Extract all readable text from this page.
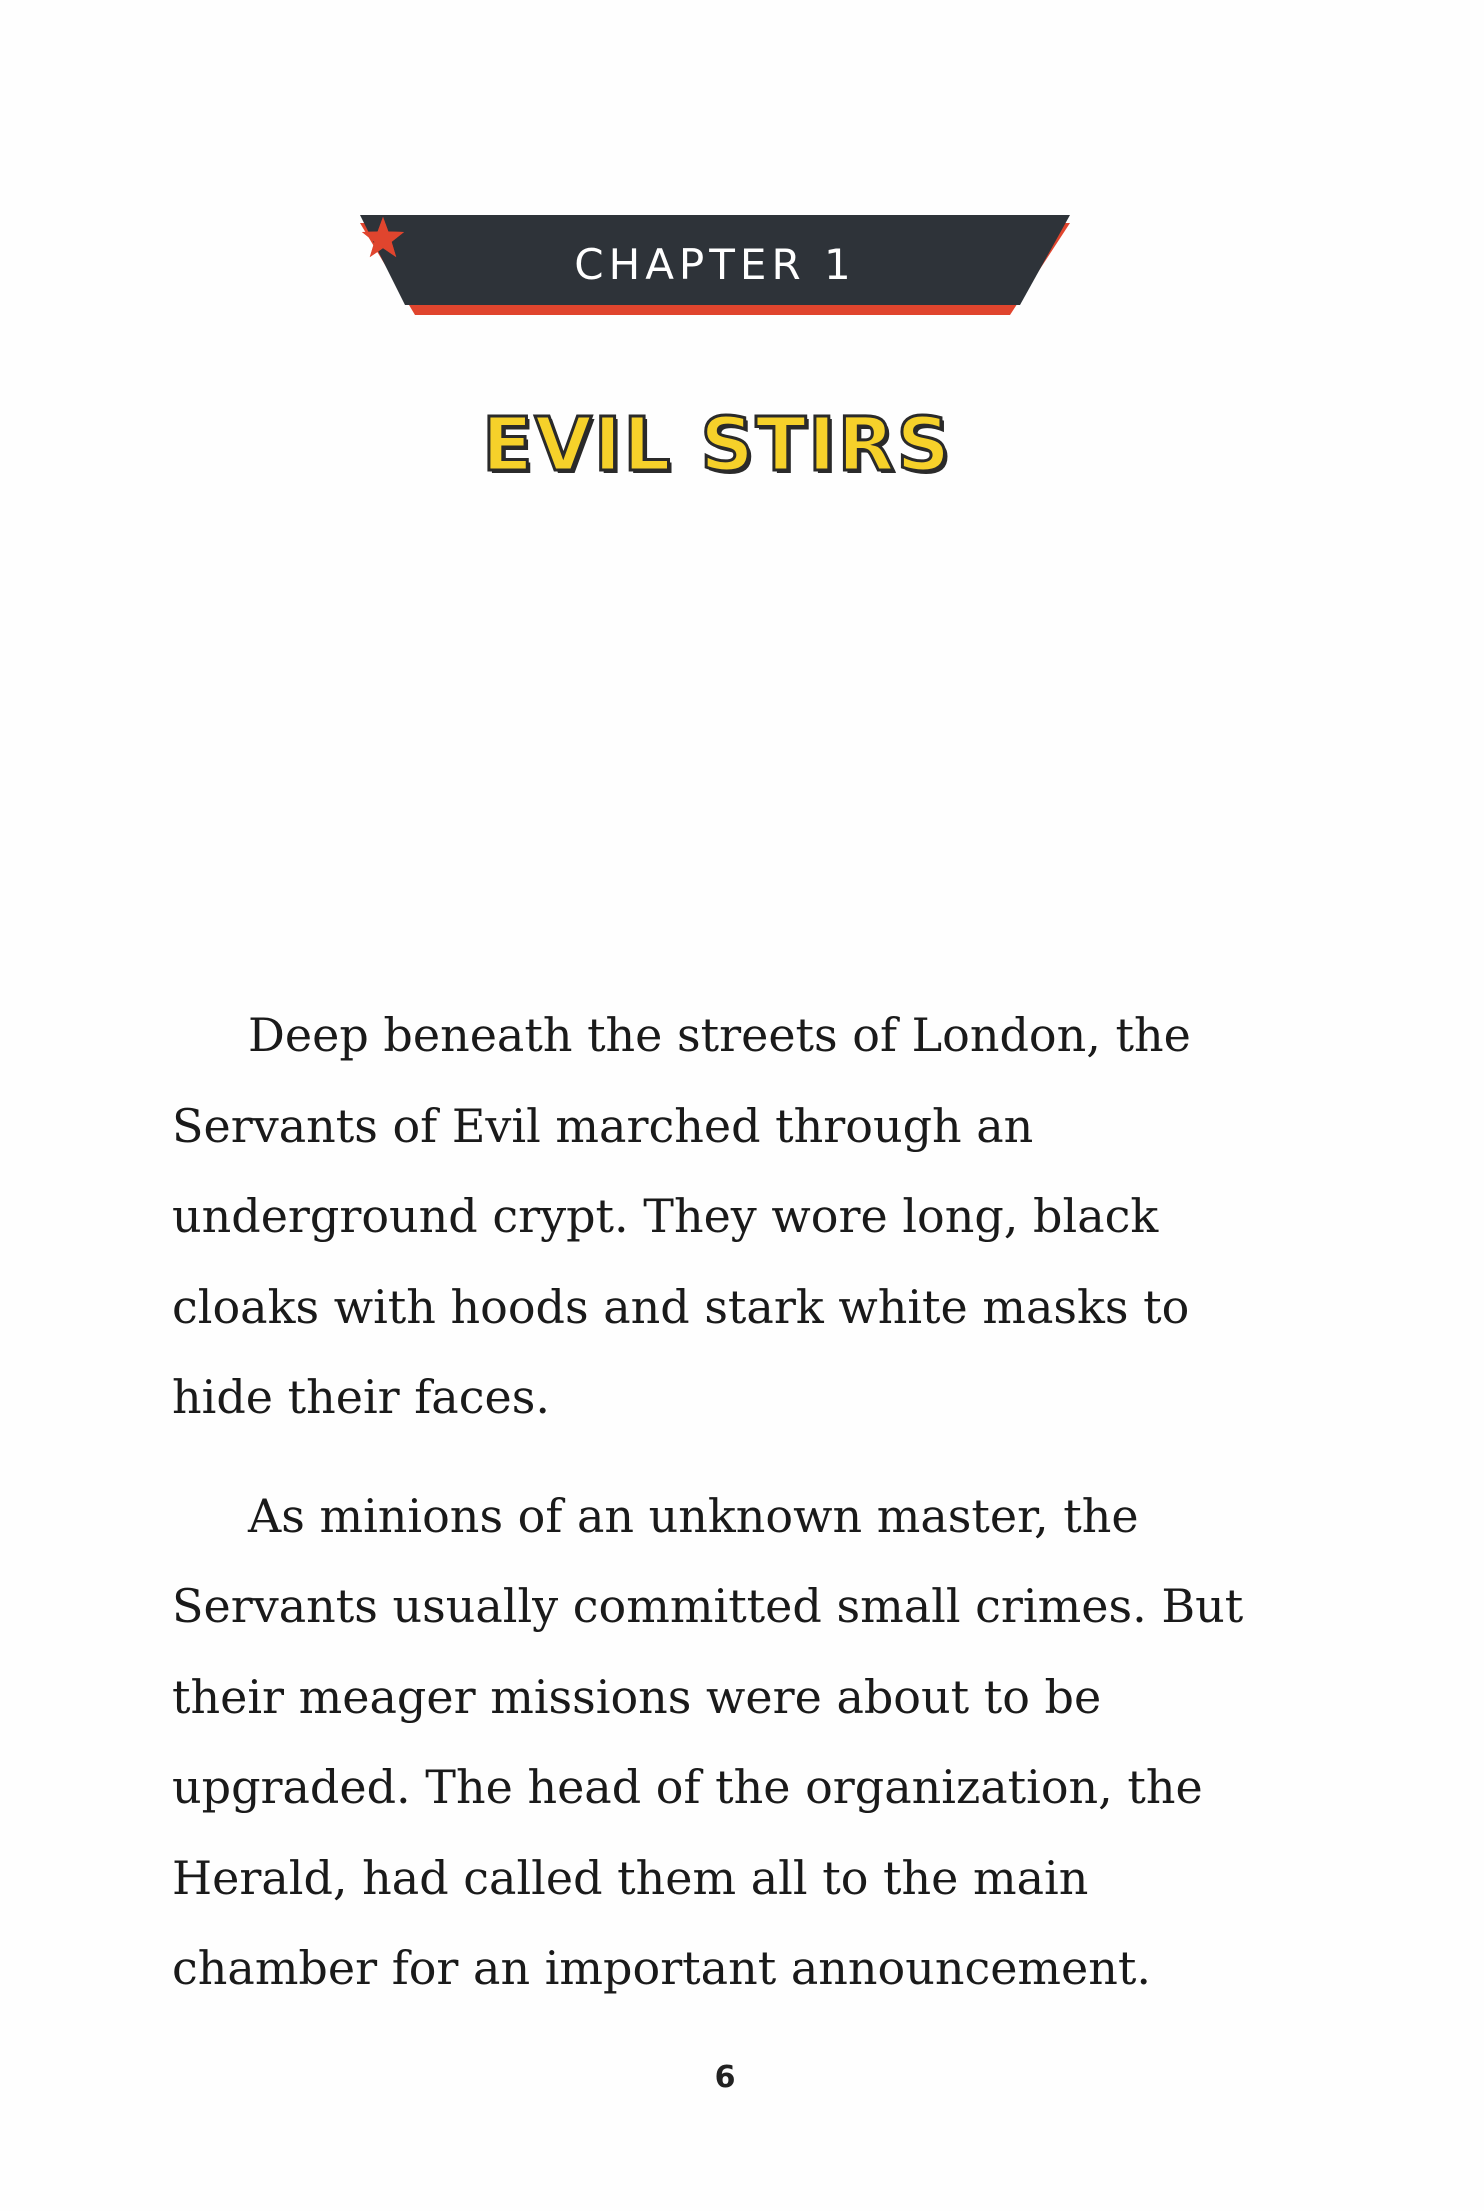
CHAPTER 1
EVIL STIRS

Deep beneath the streets of London, the Servants of Evil marched through an underground crypt. They wore long, black cloaks with hoods and stark white masks to hide their faces.

As minions of an unknown master, the Servants usually committed small crimes. But their meager missions were about to be upgraded. The head of the organization, the Herald, had called them all to the main chamber for an important announcement.

6
